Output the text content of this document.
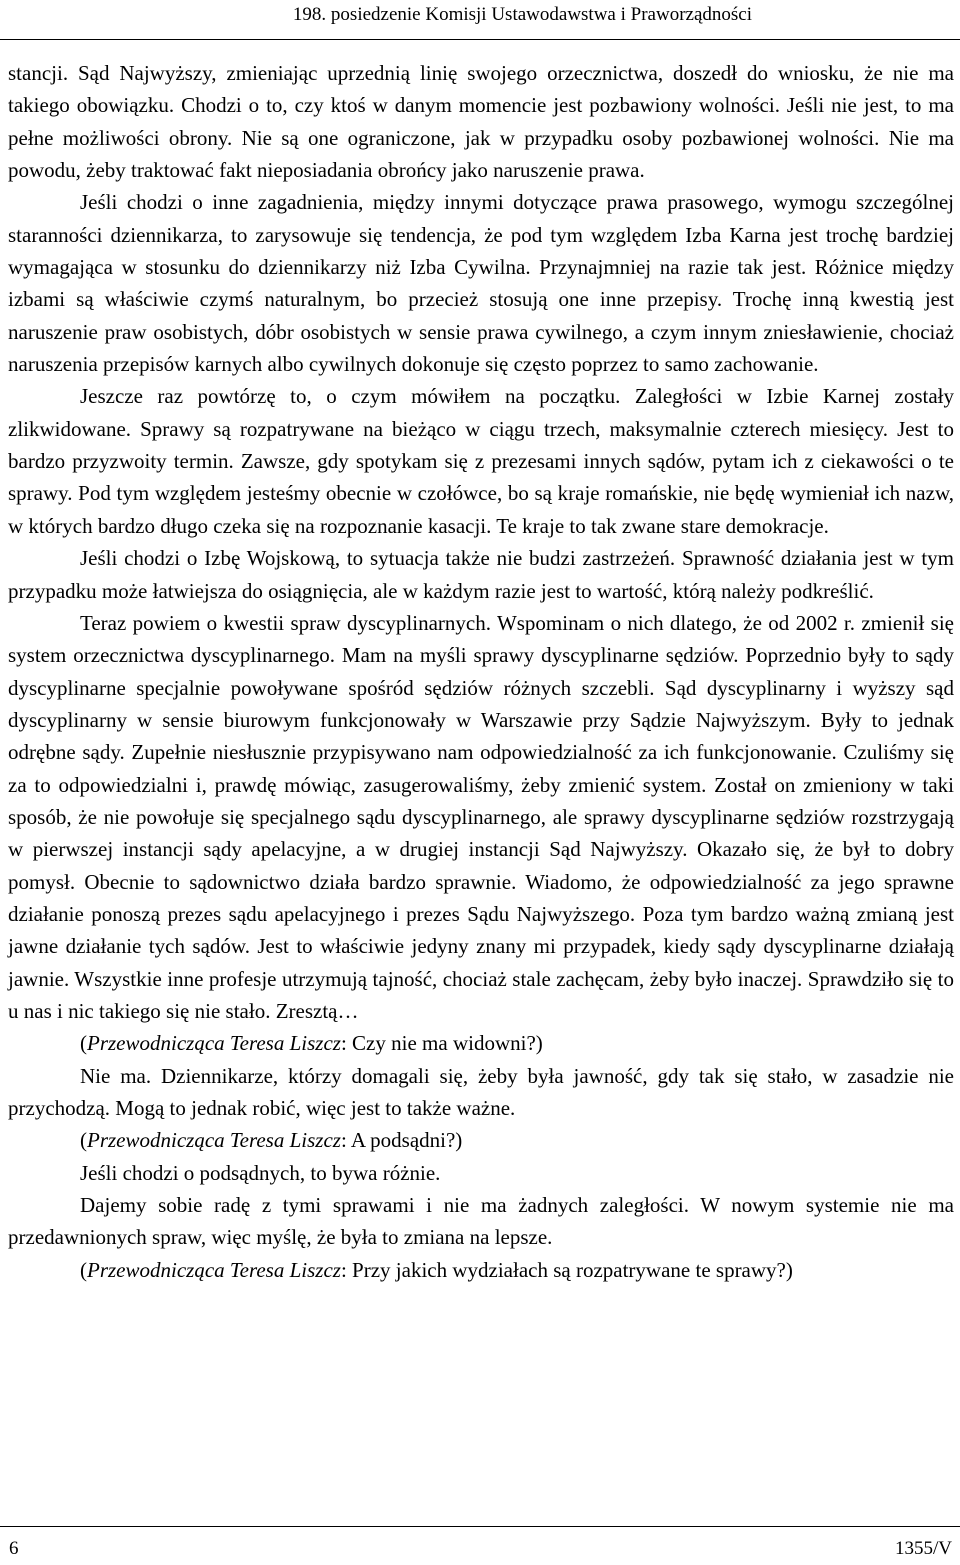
198. posiedzenie Komisji Ustawodawstwa i Praworządności

stancji. Sąd Najwyższy, zmieniając uprzednią linię swojego orzecznictwa, doszedł do wniosku, że nie ma takiego obowiązku. Chodzi o to, czy ktoś w danym momencie jest pozbawiony wolności. Jeśli nie jest, to ma pełne możliwości obrony. Nie są one ograniczone, jak w przypadku osoby pozbawionej wolności. Nie ma powodu, żeby traktować fakt nieposiadania obrońcy jako naruszenie prawa.

Jeśli chodzi o inne zagadnienia, między innymi dotyczące prawa prasowego, wymogu szczególnej staranności dziennikarza, to zarysowuje się tendencja, że pod tym względem Izba Karna jest trochę bardziej wymagająca w stosunku do dziennikarzy niż Izba Cywilna. Przynajmniej na razie tak jest. Różnice między izbami są właściwie czymś naturalnym, bo przecież stosują one inne przepisy. Trochę inną kwestią jest naruszenie praw osobistych, dóbr osobistych w sensie prawa cywilnego, a czym innym zniesławienie, chociaż naruszenia przepisów karnych albo cywilnych dokonuje się często poprzez to samo zachowanie.

Jeszcze raz powtórzę to, o czym mówiłem na początku. Zaległości w Izbie Karnej zostały zlikwidowane. Sprawy są rozpatrywane na bieżąco w ciągu trzech, maksymalnie czterech miesięcy. Jest to bardzo przyzwoity termin. Zawsze, gdy spotykam się z prezesami innych sądów, pytam ich z ciekawości o te sprawy. Pod tym względem jesteśmy obecnie w czołówce, bo są kraje romańskie, nie będę wymieniał ich nazw, w których bardzo długo czeka się na rozpoznanie kasacji. Te kraje to tak zwane stare demokracje.

Jeśli chodzi o Izbę Wojskową, to sytuacja także nie budzi zastrzeżeń. Sprawność działania jest w tym przypadku może łatwiejsza do osiągnięcia, ale w każdym razie jest to wartość, którą należy podkreślić.

Teraz powiem o kwestii spraw dyscyplinarnych. Wspominam o nich dlatego, że od 2002 r. zmienił się system orzecznictwa dyscyplinarnego. Mam na myśli sprawy dyscyplinarne sędziów. Poprzednio były to sądy dyscyplinarne specjalnie powoływane spośród sędziów różnych szczebli. Sąd dyscyplinarny i wyższy sąd dyscyplinarny w sensie biurowym funkcjonowały w Warszawie przy Sądzie Najwyższym. Były to jednak odrębne sądy. Zupełnie niesłusznie przypisywano nam odpowiedzialność za ich funkcjonowanie. Czuliśmy się za to odpowiedzialni i, prawdę mówiąc, zasugerowaliśmy, żeby zmienić system. Został on zmieniony w taki sposób, że nie powołuje się specjalnego sądu dyscyplinarnego, ale sprawy dyscyplinarne sędziów rozstrzygają w pierwszej instancji sądy apelacyjne, a w drugiej instancji Sąd Najwyższy. Okazało się, że był to dobry pomysł. Obecnie to sądownictwo działa bardzo sprawnie. Wiadomo, że odpowiedzialność za jego sprawne działanie ponoszą prezes sądu apelacyjnego i prezes Sądu Najwyższego. Poza tym bardzo ważną zmianą jest jawne działanie tych sądów. Jest to właściwie jedyny znany mi przypadek, kiedy sądy dyscyplinarne działają jawnie. Wszystkie inne profesje utrzymują tajność, chociaż stale zachęcam, żeby było inaczej. Sprawdziło się to u nas i nic takiego się nie stało. Zresztą…

(Przewodnicząca Teresa Liszcz: Czy nie ma widowni?)

Nie ma. Dziennikarze, którzy domagali się, żeby była jawność, gdy tak się stało, w zasadzie nie przychodzą. Mogą to jednak robić, więc jest to także ważne.

(Przewodnicząca Teresa Liszcz: A podsądni?)

Jeśli chodzi o podsądnych, to bywa różnie.

Dajemy sobie radę z tymi sprawami i nie ma żadnych zaległości. W nowym systemie nie ma przedawnionych spraw, więc myślę, że była to zmiana na lepsze.

(Przewodnicząca Teresa Liszcz: Przy jakich wydziałach są rozpatrywane te sprawy?)

6	1355/V
